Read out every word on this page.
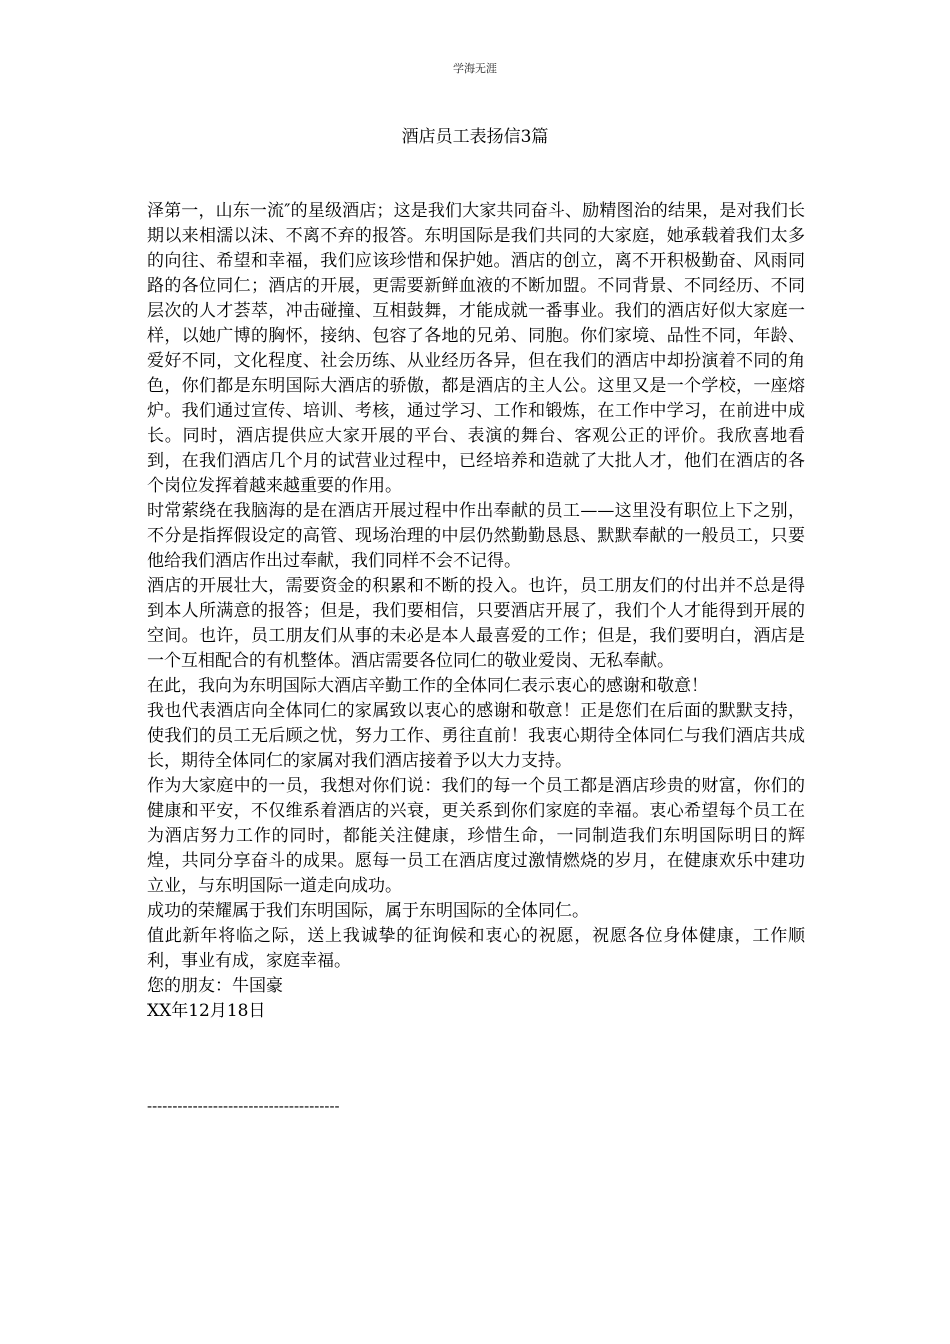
学海无涯
酒店员工表扬信3篇

泽第一，山东一流″的星级酒店；这是我们大家共同奋斗、励精图治的结果，是对我们长期以来相濡以沫、不离不弃的报答。东明国际是我们共同的大家庭，她承载着我们太多的向往、希望和幸福，我们应该珍惜和保护她。酒店的创立，离不开积极勤奋、风雨同路的各位同仁；酒店的开展，更需要新鲜血液的不断加盟。不同背景、不同经历、不同层次的人才荟萃，冲击碰撞、互相鼓舞，才能成就一番事业。我们的酒店好似大家庭一样，以她广博的胸怀，接纳、包容了各地的兄弟、同胞。你们家境、品性不同，年龄、爱好不同，文化程度、社会历练、从业经历各异，但在我们的酒店中却扮演着不同的角色，你们都是东明国际大酒店的骄傲，都是酒店的主人公。这里又是一个学校，一座熔炉。我们通过宣传、培训、考核，通过学习、工作和锻炼，在工作中学习，在前进中成长。同时，酒店提供应大家开展的平台、表演的舞台、客观公正的评价。我欣喜地看到，在我们酒店几个月的试营业过程中，已经培养和造就了大批人才，他们在酒店的各个岗位发挥着越来越重要的作用。

时常萦绕在我脑海的是在酒店开展过程中作出奉献的员工——这里没有职位上下之别，不分是指挥假设定的高管、现场治理的中层仍然勤勤恳恳、默默奉献的一般员工，只要他给我们酒店作出过奉献，我们同样不会不记得。

酒店的开展壮大，需要资金的积累和不断的投入。也许，员工朋友们的付出并不总是得到本人所满意的报答；但是，我们要相信，只要酒店开展了，我们个人才能得到开展的空间。也许，员工朋友们从事的未必是本人最喜爱的工作；但是，我们要明白，酒店是一个互相配合的有机整体。酒店需要各位同仁的敬业爱岗、无私奉献。

在此，我向为东明国际大酒店辛勤工作的全体同仁表示衷心的感谢和敬意！

我也代表酒店向全体同仁的家属致以衷心的感谢和敬意！正是您们在后面的默默支持，使我们的员工无后顾之忧，努力工作、勇往直前！我衷心期待全体同仁与我们酒店共成长，期待全体同仁的家属对我们酒店接着予以大力支持。

作为大家庭中的一员，我想对你们说：我们的每一个员工都是酒店珍贵的财富，你们的健康和平安，不仅维系着酒店的兴衰，更关系到你们家庭的幸福。衷心希望每个员工在为酒店努力工作的同时，都能关注健康，珍惜生命，一同制造我们东明国际明日的辉煌，共同分享奋斗的成果。愿每一员工在酒店度过激情燃烧的岁月，在健康欢乐中建功立业，与东明国际一道走向成功。

成功的荣耀属于我们东明国际，属于东明国际的全体同仁。

值此新年将临之际，送上我诚挚的征询候和衷心的祝愿，祝愿各位身体健康，工作顺利，事业有成，家庭幸福。

您的朋友：牛国豪

XX年12月18日

--------------------------------------
